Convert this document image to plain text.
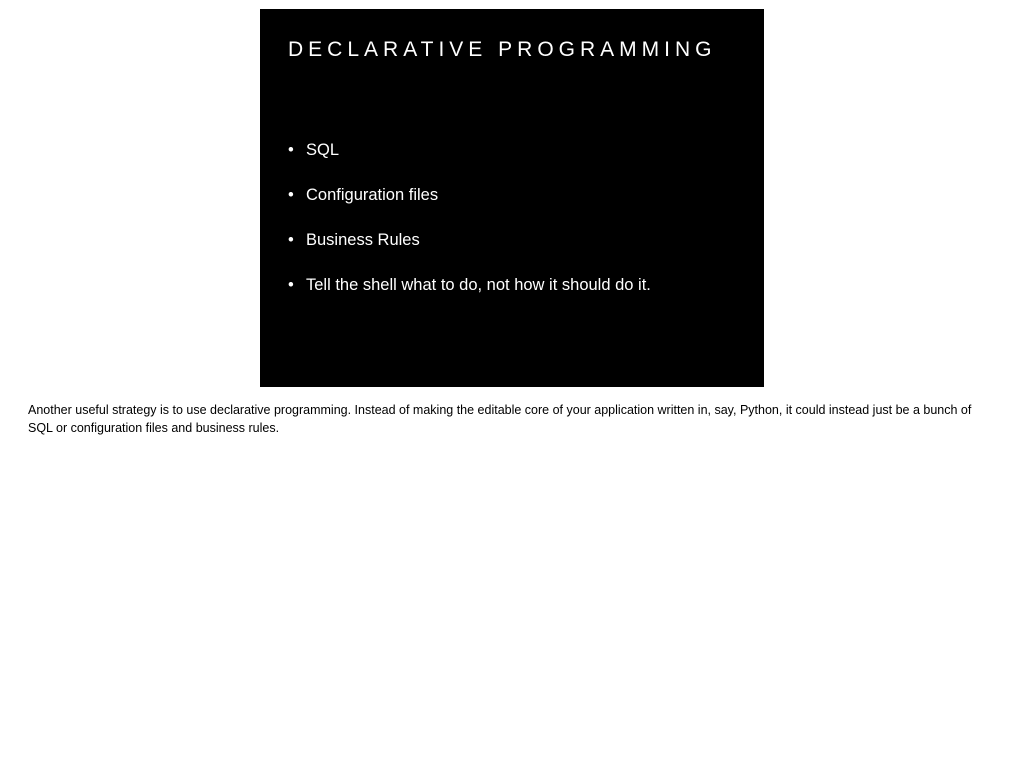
DECLARATIVE PROGRAMMING
• SQL
• Configuration files
• Business Rules
• Tell the shell what to do, not how it should do it.

Another useful strategy is to use declarative programming. Instead of making the editable core of your application written in, say, Python, it could instead just be a bunch of SQL or configuration files and business rules.
